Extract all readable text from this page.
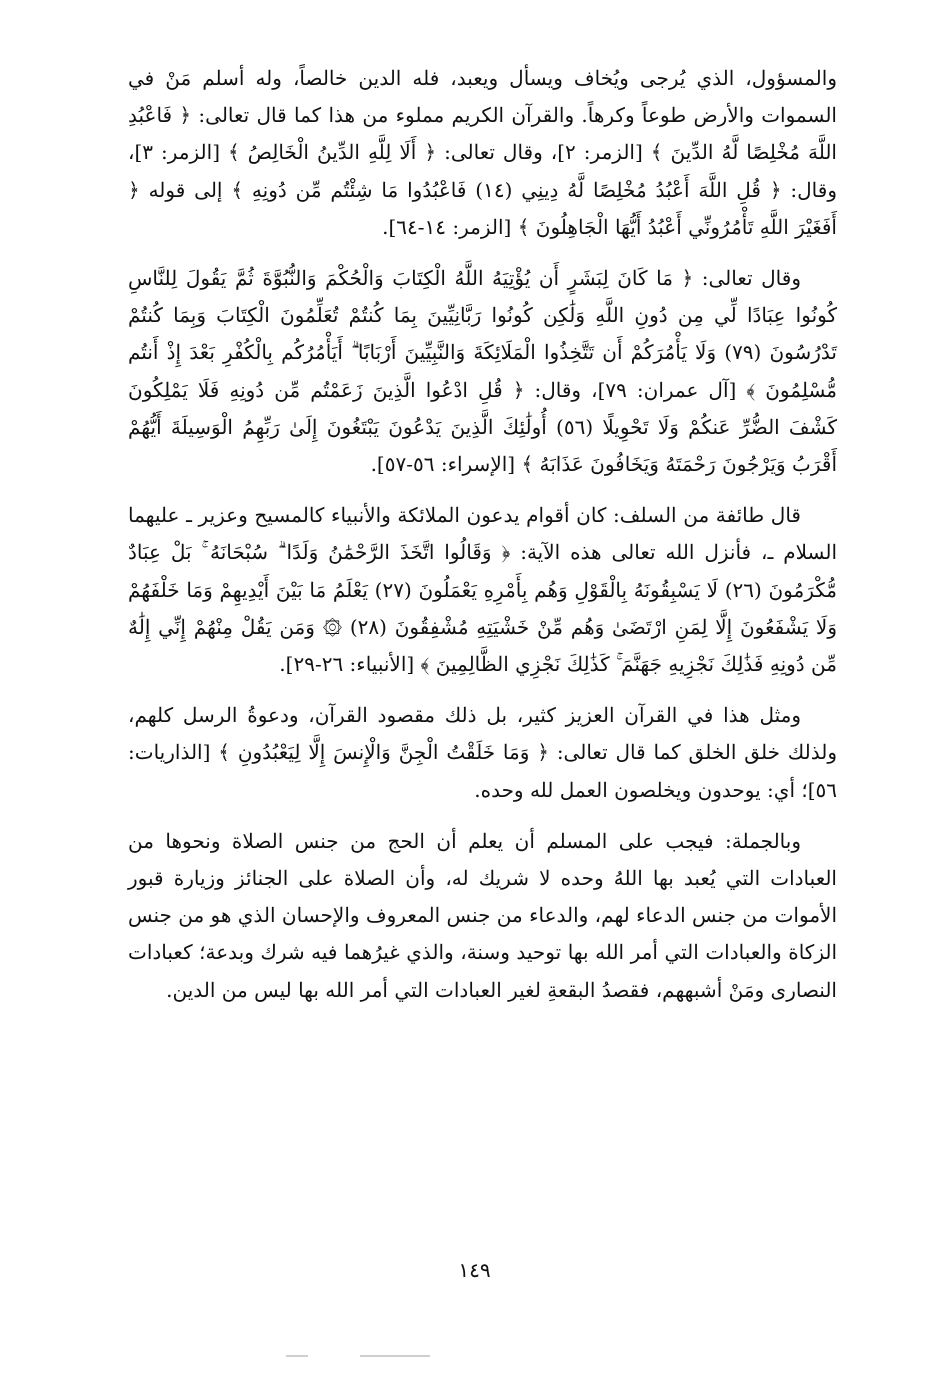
والمسؤول، الذي يُرجى ويُخاف ويسأل ويعبد، فله الدين خالصاً، وله أسلم مَنْ في السموات والأرض طوعاً وكرهاً. والقرآن الكريم مملوء من هذا كما قال تعالى: ﴿ فَاعْبُدِ اللَّهَ مُخْلِصًا لَّهُ الدِّينَ ﴾ [الزمر: ٢]، وقال تعالى: ﴿ أَلَا لِلَّهِ الدِّينُ الْخَالِصُ ﴾ [الزمر: ٣]، وقال: ﴿ قُلِ اللَّهَ أَعْبُدُ مُخْلِصًا لَّهُ دِينِي (١٤) فَاعْبُدُوا مَا شِئْتُم مِّن دُونِهِ ﴾ إلى قوله ﴿ أَفَغَيْرَ اللَّهِ تَأْمُرُونِّي أَعْبُدُ أَيُّهَا الْجَاهِلُونَ ﴾ [الزمر: ١٤-٦٤].

وقال تعالى: ﴿ مَا كَانَ لِبَشَرٍ أَن يُؤْتِيَهُ اللَّهُ الْكِتَابَ وَالْحُكْمَ وَالنُّبُوَّةَ ثُمَّ يَقُولَ لِلنَّاسِ كُونُوا عِبَادًا لِّي مِن دُونِ اللَّهِ وَلَٰكِن كُونُوا رَبَّانِيِّينَ بِمَا كُنتُمْ تُعَلِّمُونَ الْكِتَابَ وَبِمَا كُنتُمْ تَدْرُسُونَ (٧٩) وَلَا يَأْمُرَكُمْ أَن تَتَّخِذُوا الْمَلَائِكَةَ وَالنَّبِيِّينَ أَرْبَابًا ۗ أَيَأْمُرُكُم بِالْكُفْرِ بَعْدَ إِذْ أَنتُم مُّسْلِمُونَ ﴾ [آل عمران: ٧٩]، وقال: ﴿ قُلِ ادْعُوا الَّذِينَ زَعَمْتُم مِّن دُونِهِ فَلَا يَمْلِكُونَ كَشْفَ الضُّرِّ عَنكُمْ وَلَا تَحْوِيلًا (٥٦) أُولَٰئِكَ الَّذِينَ يَدْعُونَ يَبْتَغُونَ إِلَىٰ رَبِّهِمُ الْوَسِيلَةَ أَيُّهُمْ أَقْرَبُ وَيَرْجُونَ رَحْمَتَهُ وَيَخَافُونَ عَذَابَهُ ﴾ [الإسراء: ٥٦-٥٧].

قال طائفة من السلف: كان أقوام يدعون الملائكة والأنبياء كالمسيح وعزير ـ عليهما السلام ـ، فأنزل الله تعالى هذه الآية: ﴿ وَقَالُوا اتَّخَذَ الرَّحْمَٰنُ وَلَدًا ۗ سُبْحَانَهُ ۚ بَلْ عِبَادٌ مُّكْرَمُونَ (٢٦) لَا يَسْبِقُونَهُ بِالْقَوْلِ وَهُم بِأَمْرِهِ يَعْمَلُونَ (٢٧) يَعْلَمُ مَا بَيْنَ أَيْدِيهِمْ وَمَا خَلْفَهُمْ وَلَا يَشْفَعُونَ إِلَّا لِمَنِ ارْتَضَىٰ وَهُم مِّنْ خَشْيَتِهِ مُشْفِقُونَ (٢٨) ۞ وَمَن يَقُلْ مِنْهُمْ إِنِّي إِلَٰهٌ مِّن دُونِهِ فَذَٰلِكَ نَجْزِيهِ جَهَنَّمَ ۚ كَذَٰلِكَ نَجْزِي الظَّالِمِينَ ﴾ [الأنبياء: ٢٦-٢٩].

ومثل هذا في القرآن العزيز كثير، بل ذلك مقصود القرآن، ودعوةُ الرسل كلهم، ولذلك خلق الخلق كما قال تعالى: ﴿ وَمَا خَلَقْتُ الْجِنَّ وَالْإِنسَ إِلَّا لِيَعْبُدُونِ ﴾ [الذاريات: ٥٦]؛ أي: يوحدون ويخلصون العمل لله وحده.

وبالجملة: فيجب على المسلم أن يعلم أن الحج من جنس الصلاة ونحوها من العبادات التي يُعبد بها اللهُ وحده لا شريك له، وأن الصلاة على الجنائز وزيارة قبور الأموات من جنس الدعاء لهم، والدعاء من جنس المعروف والإحسان الذي هو من جنس الزكاة والعبادات التي أمر الله بها توحيد وسنة، والذي غيرُهما فيه شرك وبدعة؛ كعبادات النصارى ومَنْ أشبههم، فقصدُ البقعةِ لغير العبادات التي أمر الله بها ليس من الدين.

١٤٩
